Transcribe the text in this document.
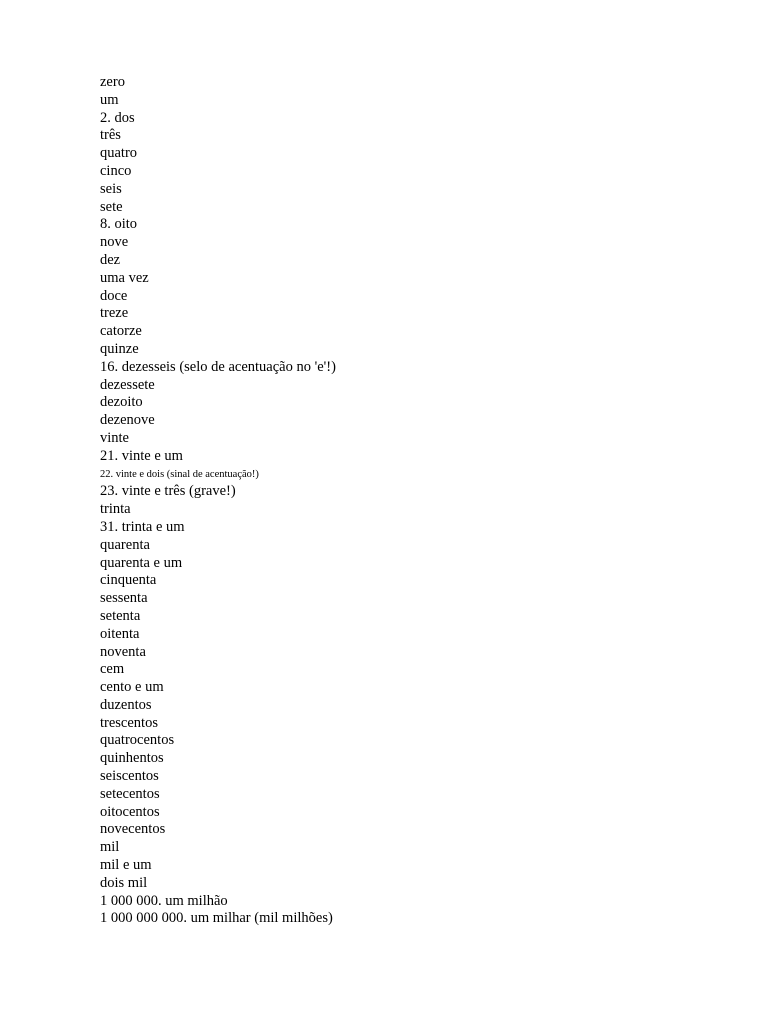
zero
um
2. dos
três
quatro
cinco
seis
sete
8. oito
nove
dez
uma vez
doce
treze
catorze
quinze
16. dezesseis (selo de acentuação no 'e'!)
dezessete
dezoito
dezenove
vinte
21. vinte e um
22. vinte e dois (sinal de acentuação!)
23. vinte e três (grave!)
trinta
31. trinta e um
quarenta
quarenta e um
cinquenta
sessenta
setenta
oitenta
noventa
cem
cento e um
duzentos
trescentos
quatrocentos
quinhentos
seiscentos
setecentos
oitocentos
novecentos
mil
mil e um
dois mil
1 000 000. um milhão
1 000 000 000. um milhar (mil milhões)
